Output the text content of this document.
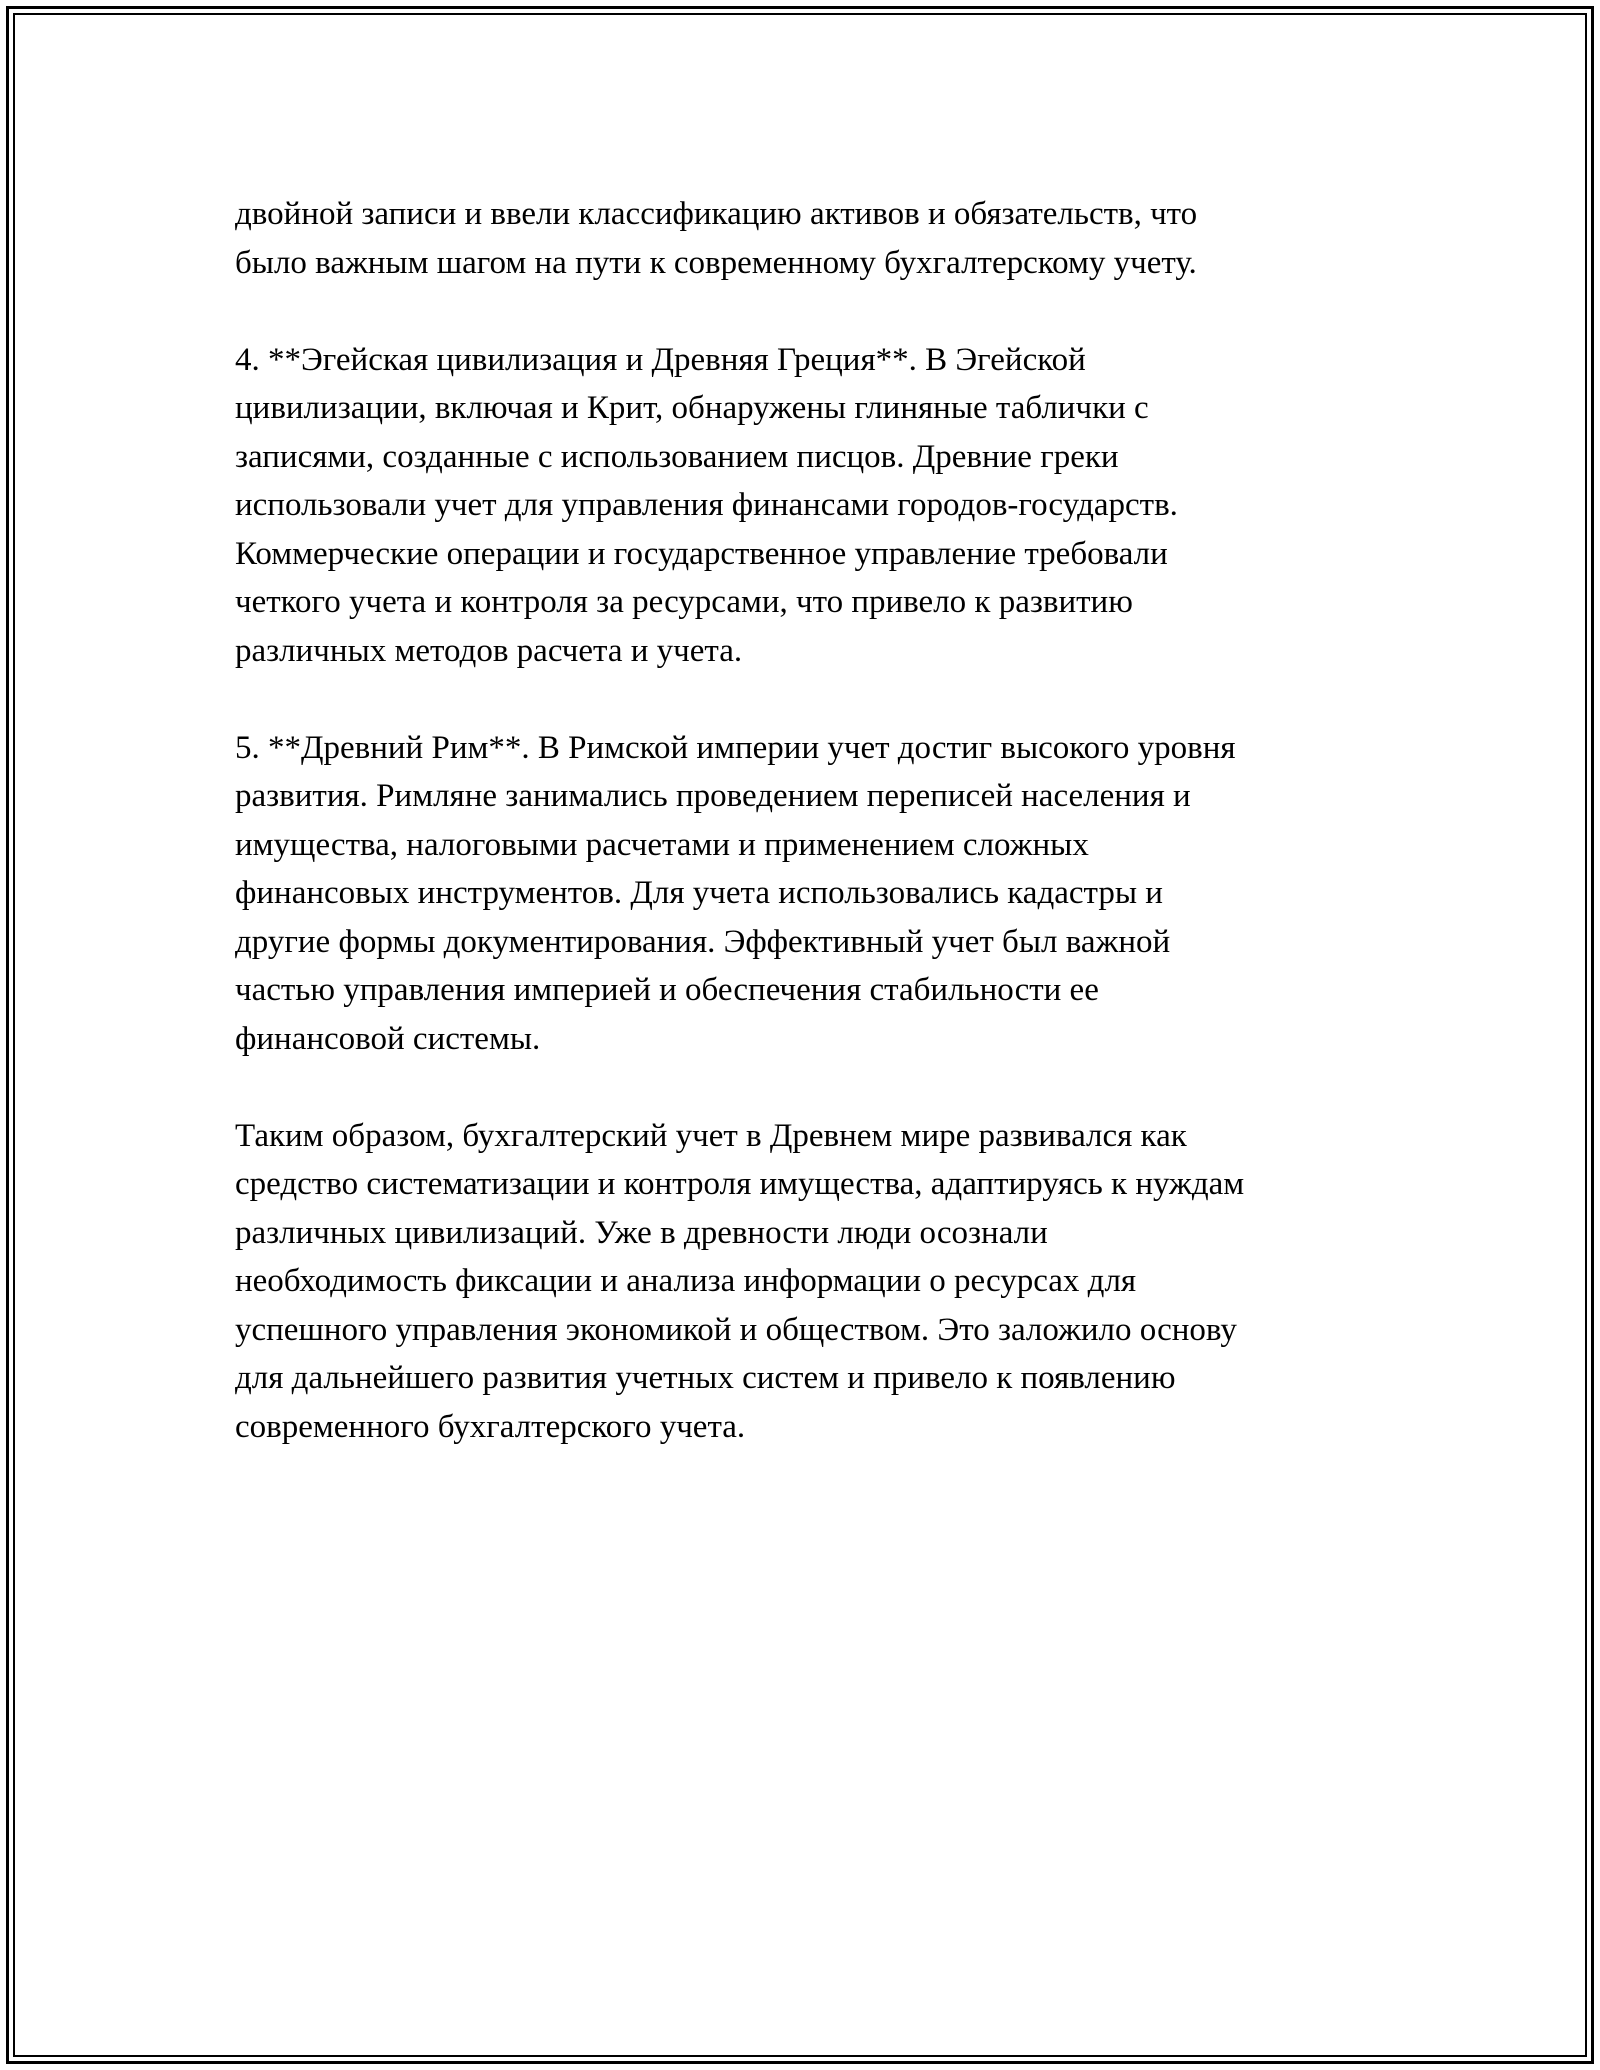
двойной записи и ввели классификацию активов и обязательств, что
было важным шагом на пути к современному бухгалтерскому учету.

4. **Эгейская цивилизация и Древняя Греция**. В Эгейской
цивилизации, включая и Крит, обнаружены глиняные таблички с
записями, созданные с использованием писцов. Древние греки
использовали учет для управления финансами городов-государств.
Коммерческие операции и государственное управление требовали
четкого учета и контроля за ресурсами, что привело к развитию
различных методов расчета и учета.

5. **Древний Рим**. В Римской империи учет достиг высокого уровня
развития. Римляне занимались проведением переписей населения и
имущества, налоговыми расчетами и применением сложных
финансовых инструментов. Для учета использовались кадастры и
другие формы документирования. Эффективный учет был важной
частью управления империей и обеспечения стабильности ее
финансовой системы.

Таким образом, бухгалтерский учет в Древнем мире развивался как
средство систематизации и контроля имущества, адаптируясь к нуждам
различных цивилизаций. Уже в древности люди осознали
необходимость фиксации и анализа информации о ресурсах для
успешного управления экономикой и обществом. Это заложило основу
для дальнейшего развития учетных систем и привело к появлению
современного бухгалтерского учета.
